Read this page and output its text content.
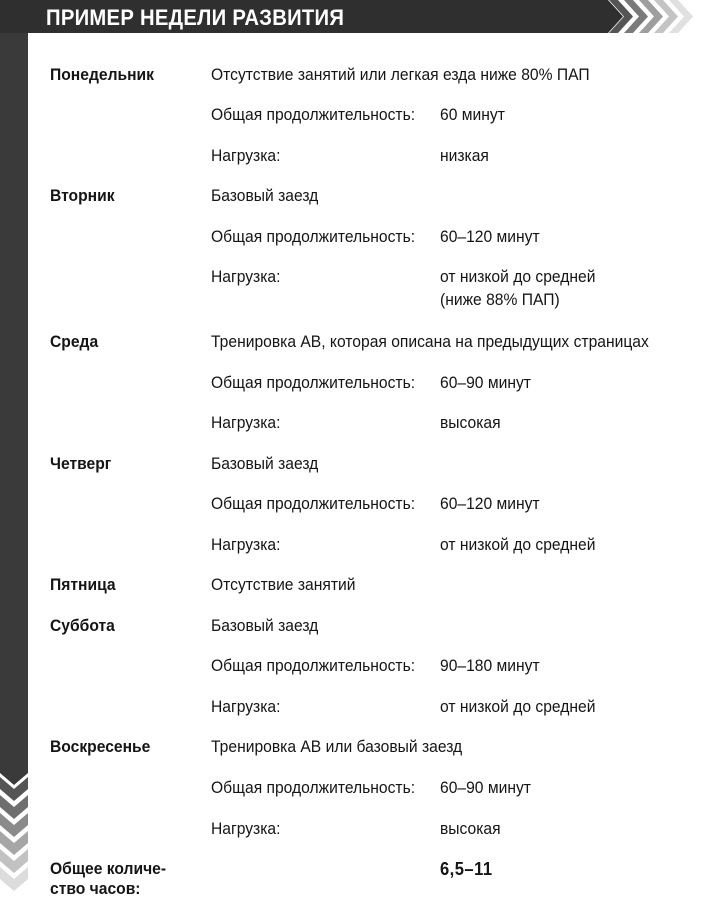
ПРИМЕР НЕДЕЛИ РАЗВИТИЯ
Понедельник	Отсутствие занятий или легкая езда ниже 80% ПАП
Общая продолжительность: 60 минут
Нагрузка:	низкая
Вторник	Базовый заезд
Общая продолжительность: 60–120 минут
Нагрузка:	от низкой до средней
(ниже 88% ПАП)
Среда	Тренировка AB, которая описана на предыдущих страницах
Общая продолжительность: 60–90 минут
Нагрузка:	высокая
Четверг	Базовый заезд
Общая продолжительность: 60–120 минут
Нагрузка:	от низкой до средней
Пятница	Отсутствие занятий
Суббота	Базовый заезд
Общая продолжительность: 90–180 минут
Нагрузка:	от низкой до средней
Воскресенье	Тренировка AB или базовый заезд
Общая продолжительность: 60–90 минут
Нагрузка:	высокая
Общее количе-
ство часов:
6,5–11
